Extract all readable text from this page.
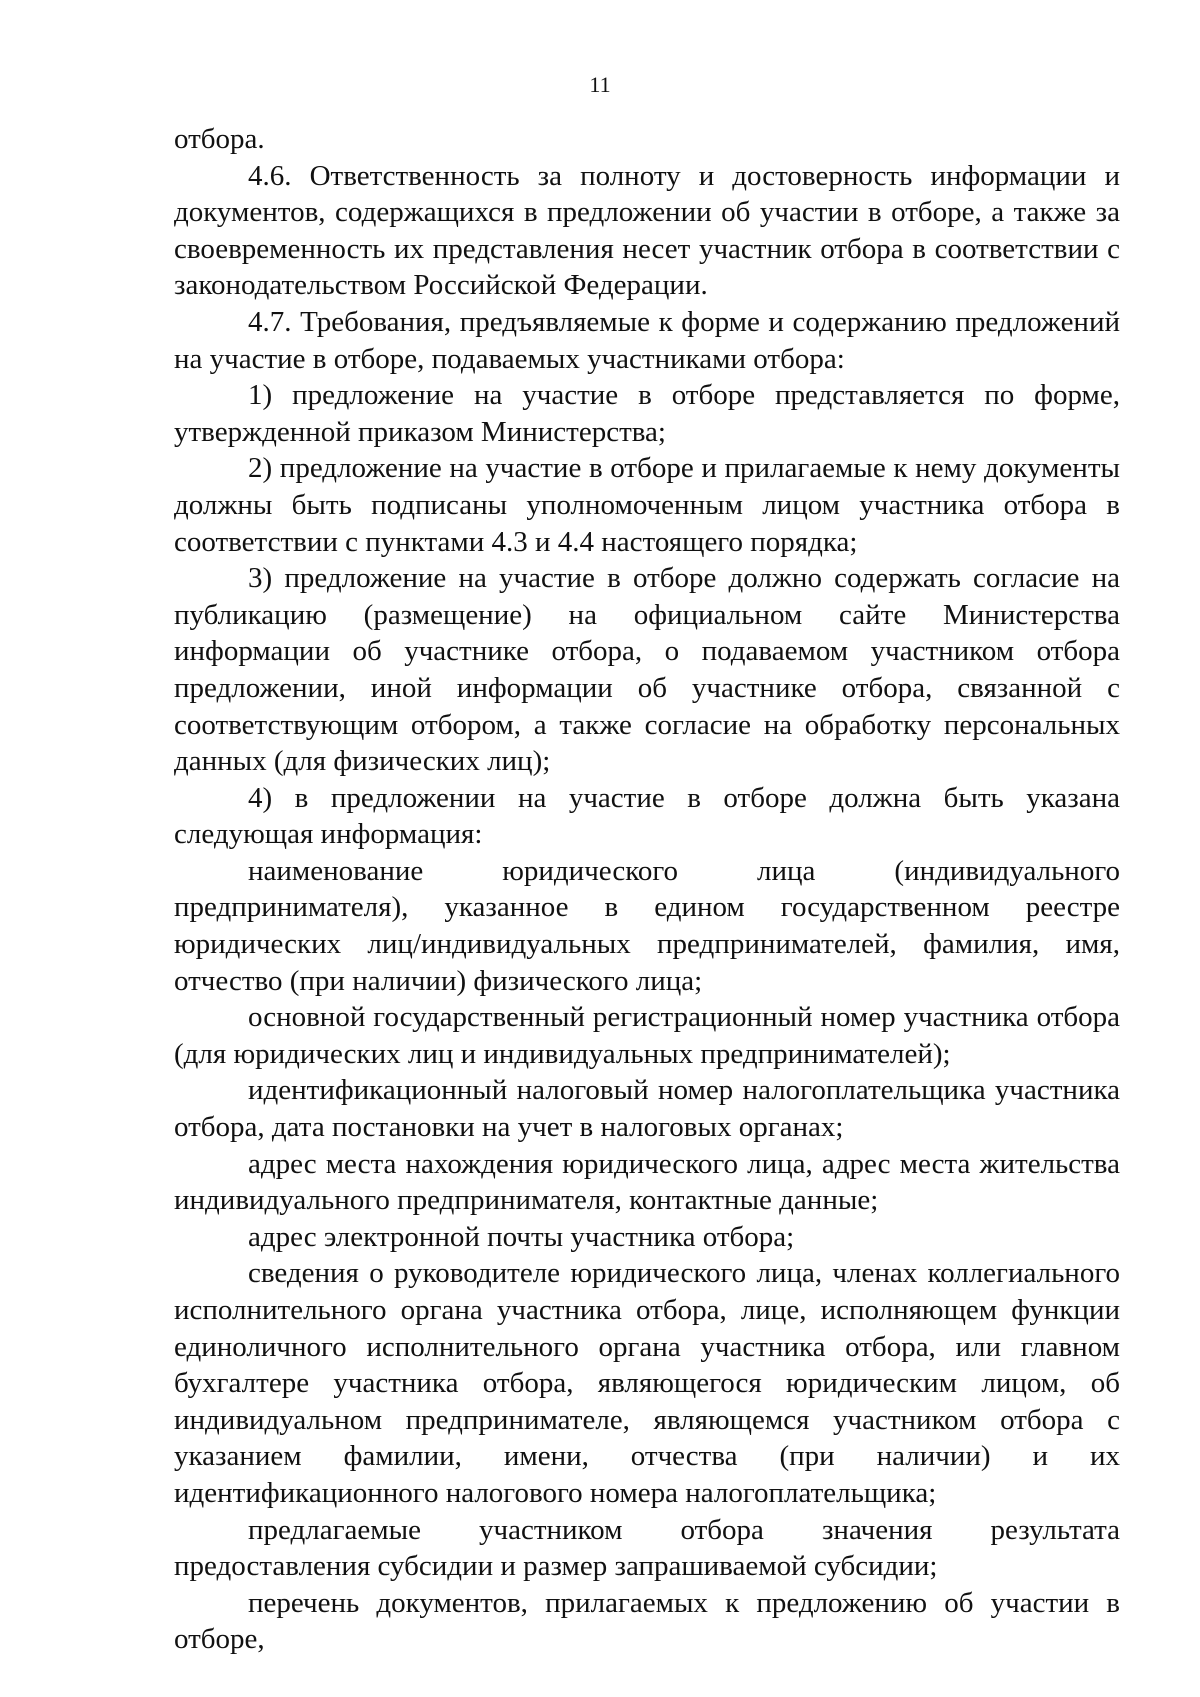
11

отбора.

4.6. Ответственность за полноту и достоверность информации и документов, содержащихся в предложении об участии в отборе, а также за своевременность их представления несет участник отбора в соответствии с законодательством Российской Федерации.

4.7. Требования, предъявляемые к форме и содержанию предложений на участие в отборе, подаваемых участниками отбора:

1) предложение на участие в отборе представляется по форме, утвержденной приказом Министерства;

2) предложение на участие в отборе и прилагаемые к нему документы должны быть подписаны уполномоченным лицом участника отбора в соответствии с пунктами 4.3 и 4.4 настоящего порядка;

3) предложение на участие в отборе должно содержать согласие на публикацию (размещение) на официальном сайте Министерства информации об участнике отбора, о подаваемом участником отбора предложении, иной информации об участнике отбора, связанной с соответствующим отбором, а также согласие на обработку персональных данных (для физических лиц);

4) в предложении на участие в отборе должна быть указана следующая информация:

наименование юридического лица (индивидуального предпринимателя), указанное в едином государственном реестре юридических лиц/индивидуальных предпринимателей, фамилия, имя, отчество (при наличии) физического лица;

основной государственный регистрационный номер участника отбора (для юридических лиц и индивидуальных предпринимателей);

идентификационный налоговый номер налогоплательщика участника отбора, дата постановки на учет в налоговых органах;

адрес места нахождения юридического лица, адрес места жительства индивидуального предпринимателя, контактные данные;

адрес электронной почты участника отбора;

сведения о руководителе юридического лица, членах коллегиального исполнительного органа участника отбора, лице, исполняющем функции единоличного исполнительного органа участника отбора, или главном бухгалтере участника отбора, являющегося юридическим лицом, об индивидуальном предпринимателе, являющемся участником отбора с указанием фамилии, имени, отчества (при наличии) и их идентификационного налогового номера налогоплательщика;

предлагаемые участником отбора значения результата предоставления субсидии и размер запрашиваемой субсидии;

перечень документов, прилагаемых к предложению об участии в отборе,
